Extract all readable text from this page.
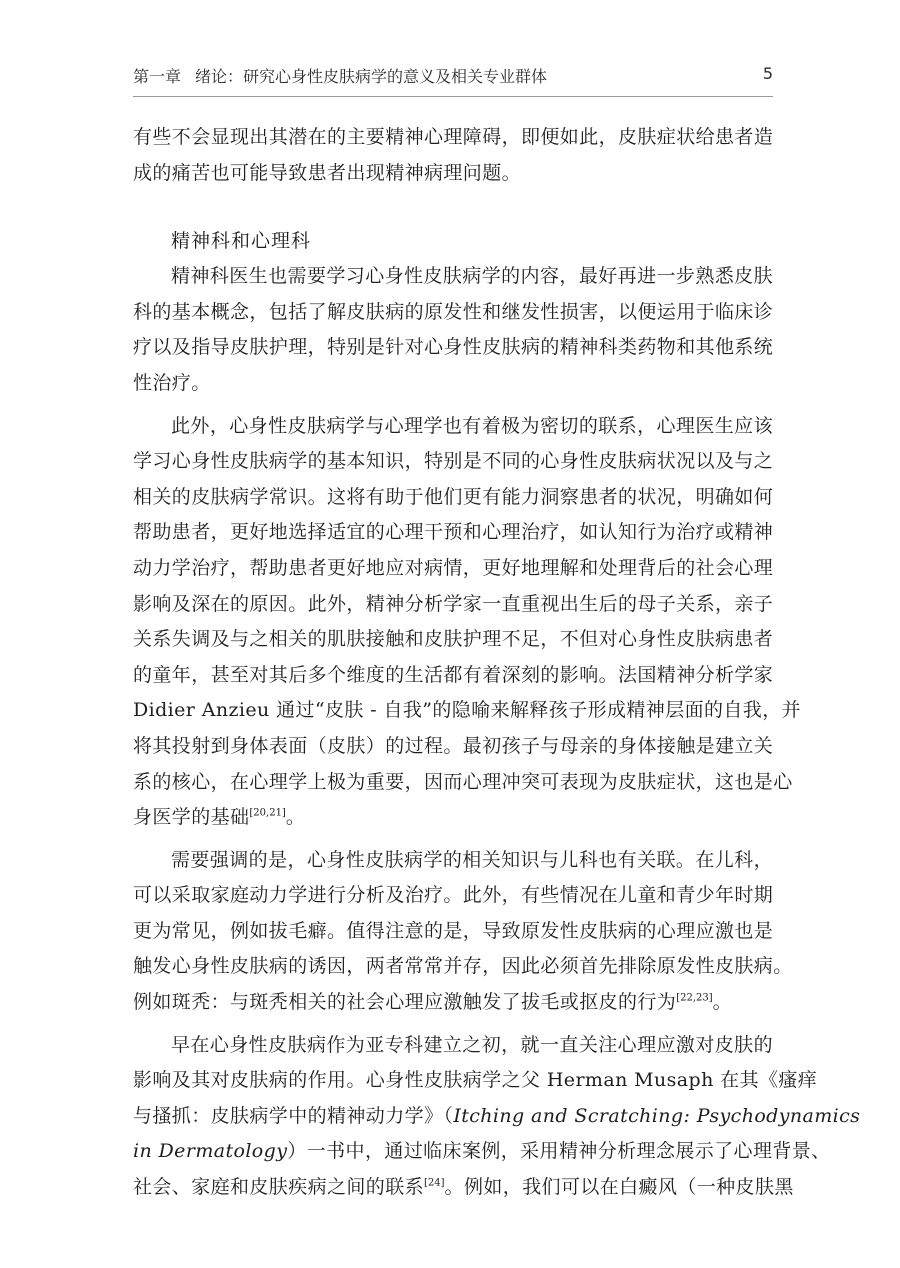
第一章 绪论：研究心身性皮肤病学的意义及相关专业群体	5
有些不会显现出其潜在的主要精神心理障碍，即便如此，皮肤症状给患者造
成的痛苦也可能导致患者出现精神病理问题。
精神科和心理科
精神科医生也需要学习心身性皮肤病学的内容，最好再进一步熟悉皮肤
科的基本概念，包括了解皮肤病的原发性和继发性损害，以便运用于临床诊
疗以及指导皮肤护理，特别是针对心身性皮肤病的精神科类药物和其他系统
性治疗。
此外，心身性皮肤病学与心理学也有着极为密切的联系，心理医生应该
学习心身性皮肤病学的基本知识，特别是不同的心身性皮肤病状况以及与之
相关的皮肤病学常识。这将有助于他们更有能力洞察患者的状况，明确如何
帮助患者，更好地选择适宜的心理干预和心理治疗，如认知行为治疗或精神
动力学治疗，帮助患者更好地应对病情，更好地理解和处理背后的社会心理
影响及深在的原因。此外，精神分析学家一直重视出生后的母子关系，亲子
关系失调及与之相关的肌肤接触和皮肤护理不足，不但对心身性皮肤病患者
的童年，甚至对其后多个维度的生活都有着深刻的影响。法国精神分析学家
Didier Anzieu 通过“皮肤 - 自我”的隐喻来解释孩子形成精神层面的自我，并
将其投射到身体表面（皮肤）的过程。最初孩子与母亲的身体接触是建立关
系的核心，在心理学上极为重要，因而心理冲突可表现为皮肤症状，这也是心
身医学的基础[20,21]。
需要强调的是，心身性皮肤病学的相关知识与儿科也有关联。在儿科，
可以采取家庭动力学进行分析及治疗。此外，有些情况在儿童和青少年时期
更为常见，例如拔毛癖。值得注意的是，导致原发性皮肤病的心理应激也是
触发心身性皮肤病的诱因，两者常常并存，因此必须首先排除原发性皮肤病。
例如斑秃：与斑秃相关的社会心理应激触发了拔毛或抠皮的行为[22,23]。
早在心身性皮肤病作为亚专科建立之初，就一直关注心理应激对皮肤的
影响及其对皮肤病的作用。心身性皮肤病学之父 Herman Musaph 在其《瘙痒
与搔抓：皮肤病学中的精神动力学》（Itching and Scratching: Psychodynamics
in Dermatology）一书中，通过临床案例，采用精神分析理念展示了心理背景、
社会、家庭和皮肤疾病之间的联系[24]。例如，我们可以在白癜风（一种皮肤黑
